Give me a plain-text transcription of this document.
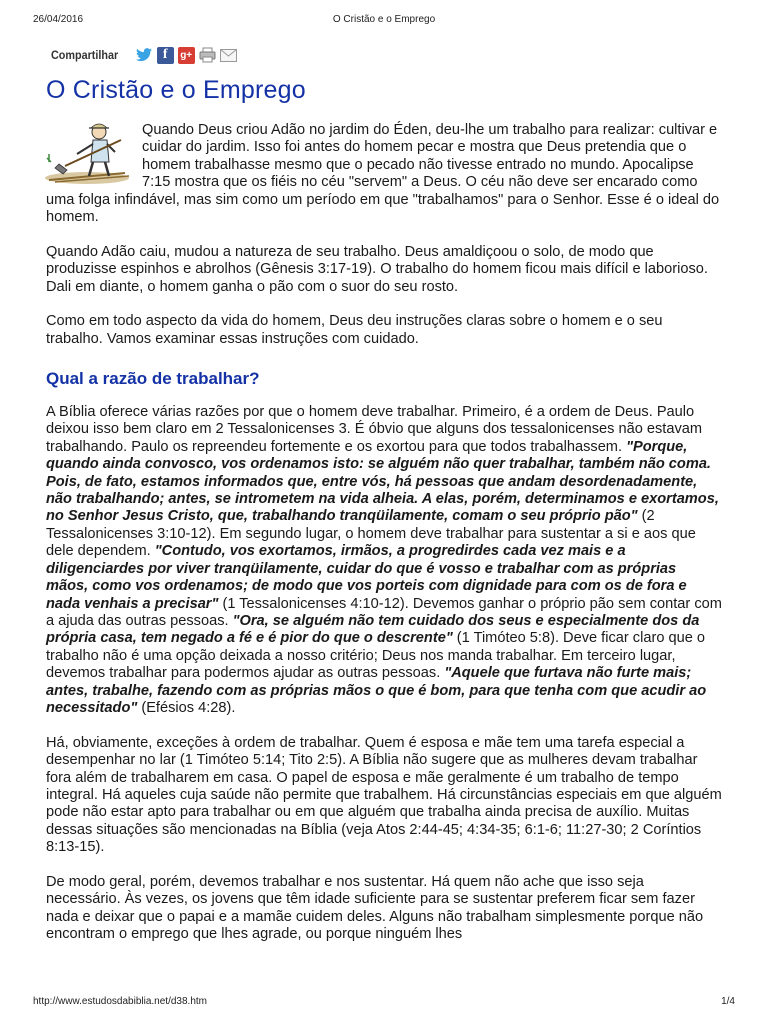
26/04/2016	O Cristão e o Emprego
Compartilhar	f	g+
O Cristão e o Emprego

Quando Deus criou Adão no jardim do Éden, deu-lhe um trabalho para realizar: cultivar e cuidar do jardim. Isso foi antes do homem pecar e mostra que Deus pretendia que o homem trabalhasse mesmo que o pecado não tivesse entrado no mundo. Apocalipse 7:15 mostra que os fiéis no céu "servem" a Deus. O céu não deve ser encarado como uma folga infindável, mas sim como um período em que "trabalhamos" para o Senhor. Esse é o ideal do homem.

Quando Adão caiu, mudou a natureza de seu trabalho. Deus amaldiçoou o solo, de modo que produzisse espinhos e abrolhos (Gênesis 3:17-19). O trabalho do homem ficou mais difícil e laborioso. Dali em diante, o homem ganha o pão com o suor do seu rosto.

Como em todo aspecto da vida do homem, Deus deu instruções claras sobre o homem e o seu trabalho. Vamos examinar essas instruções com cuidado.

Qual a razão de trabalhar?

A Bíblia oferece várias razões por que o homem deve trabalhar. Primeiro, é a ordem de Deus. Paulo deixou isso bem claro em 2 Tessalonicenses 3. É óbvio que alguns dos tessalonicenses não estavam trabalhando. Paulo os repreendeu fortemente e os exortou para que todos trabalhassem. "Porque, quando ainda convosco, vos ordenamos isto: se alguém não quer trabalhar, também não coma. Pois, de fato, estamos informados que, entre vós, há pessoas que andam desordenadamente, não trabalhando; antes, se intrometem na vida alheia. A elas, porém, determinamos e exortamos, no Senhor Jesus Cristo, que, trabalhando tranqüilamente, comam o seu próprio pão" (2 Tessalonicenses 3:10-12). Em segundo lugar, o homem deve trabalhar para sustentar a si e aos que dele dependem. "Contudo, vos exortamos, irmãos, a progredirdes cada vez mais e a diligenciardes por viver tranqüilamente, cuidar do que é vosso e trabalhar com as próprias mãos, como vos ordenamos; de modo que vos porteis com dignidade para com os de fora e nada venhais a precisar" (1 Tessalonicenses 4:10-12). Devemos ganhar o próprio pão sem contar com a ajuda das outras pessoas. "Ora, se alguém não tem cuidado dos seus e especialmente dos da própria casa, tem negado a fé e é pior do que o descrente" (1 Timóteo 5:8). Deve ficar claro que o trabalho não é uma opção deixada a nosso critério; Deus nos manda trabalhar. Em terceiro lugar, devemos trabalhar para podermos ajudar as outras pessoas. "Aquele que furtava não furte mais; antes, trabalhe, fazendo com as próprias mãos o que é bom, para que tenha com que acudir ao necessitado" (Efésios 4:28).

Há, obviamente, exceções à ordem de trabalhar. Quem é esposa e mãe tem uma tarefa especial a desempenhar no lar (1 Timóteo 5:14; Tito 2:5). A Bíblia não sugere que as mulheres devam trabalhar fora além de trabalharem em casa. O papel de esposa e mãe geralmente é um trabalho de tempo integral. Há aqueles cuja saúde não permite que trabalhem. Há circunstâncias especiais em que alguém pode não estar apto para trabalhar ou em que alguém que trabalha ainda precisa de auxílio. Muitas dessas situações são mencionadas na Bíblia (veja Atos 2:44-45; 4:34-35; 6:1-6; 11:27-30; 2 Coríntios 8:13-15).

De modo geral, porém, devemos trabalhar e nos sustentar. Há quem não ache que isso seja necessário. Às vezes, os jovens que têm idade suficiente para se sustentar preferem ficar sem fazer nada e deixar que o papai e a mamãe cuidem deles. Alguns não trabalham simplesmente porque não encontram o emprego que lhes agrade, ou porque ninguém lhes

http://www.estudosdabiblia.net/d38.htm	1/4
